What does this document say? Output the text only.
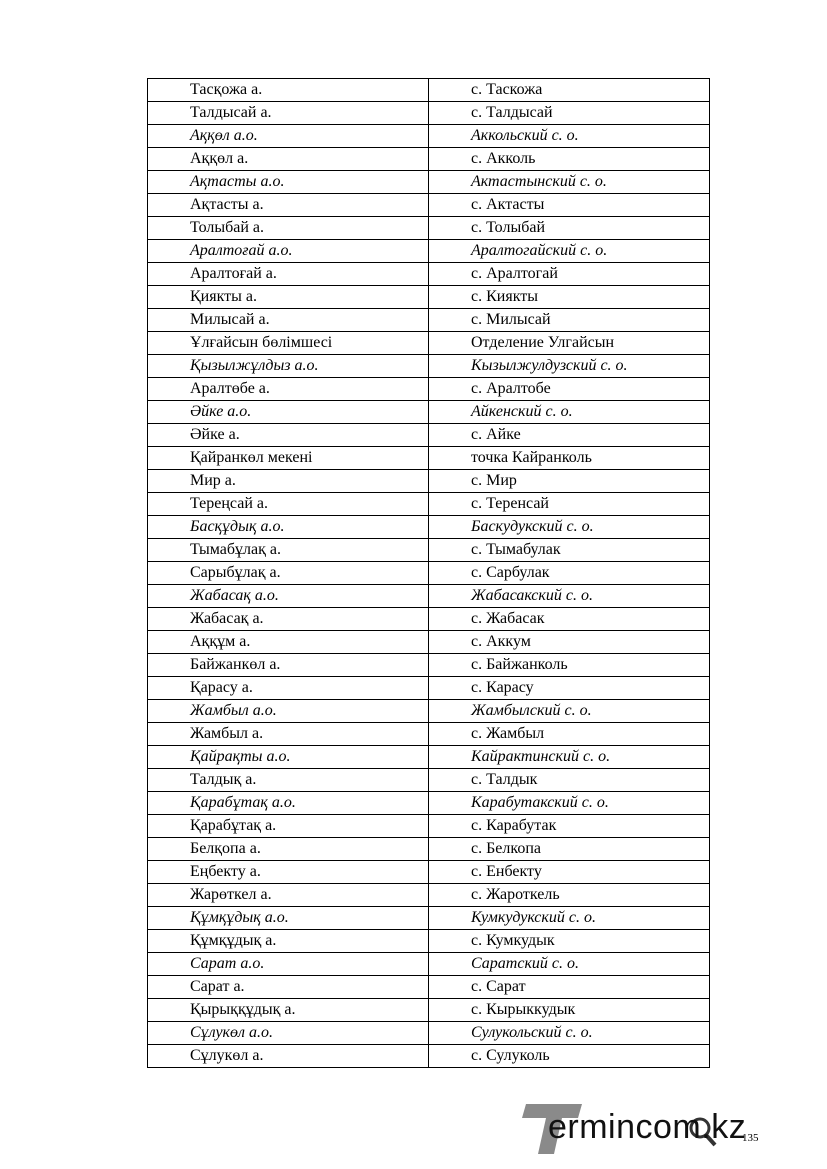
Тасқожа а.	с. Таскожа
Талдысай а.	с. Талдысай
Аққөл а.о.	Аккольский с. о.
Аққөл а.	с. Акколь
Ақтасты а.о.	Актастынский с. о.
Ақтасты а.	с. Актасты
Толыбай а.	с. Толыбай
Аралтоғай а.о.	Аралтогайский с. о.
Аралтоғай а.	с. Аралтогай
Қиякты а.	с. Киякты
Милысай а.	с. Милысай
Ұлғайсын бөлімшесі	Отделение Улгайсын
Қызылжұлдыз а.о.	Кызылжулдузский с. о.
Аралтөбе а.	с. Аралтобе
Әйке а.о.	Айкенский с. о.
Әйке а.	с. Айке
Қайранкөл мекені	точка Кайранколь
Мир а.	с. Мир
Тереңсай а.	с. Теренсай
Басқұдық а.о.	Баскудукский с. о.
Тымабұлақ а.	с. Тымабулак
Сарыбұлақ а.	с. Сарбулак
Жабасақ а.о.	Жабасакский с. о.
Жабасақ а.	с. Жабасак
Аққұм а.	с. Аккум
Байжанкөл а.	с. Байжанколь
Қарасу а.	с. Карасу
Жамбыл а.о.	Жамбылский с. о.
Жамбыл а.	с. Жамбыл
Қайрақты а.о.	Кайрактинский с. о.
Талдық а.	с. Талдык
Қарабұтақ а.о.	Карабутакский с. о.
Қарабұтақ а.	с. Карабутак
Белқопа а.	с. Белкопа
Еңбекту а.	с. Енбекту
Жарөткел а.	с. Жароткель
Құмқұдық а.о.	Кумкудукский с. о.
Құмқұдық а.	с. Кумкудык
Сарат а.о.	Саратский с. о.
Сарат а.	с. Сарат
Қырыққұдық а.	с. Кырыккудык
Сұлукөл а.о.	Сулукольский с. о.
Сұлукөл а.	с. Сулуколь
ermincom.kz
135
